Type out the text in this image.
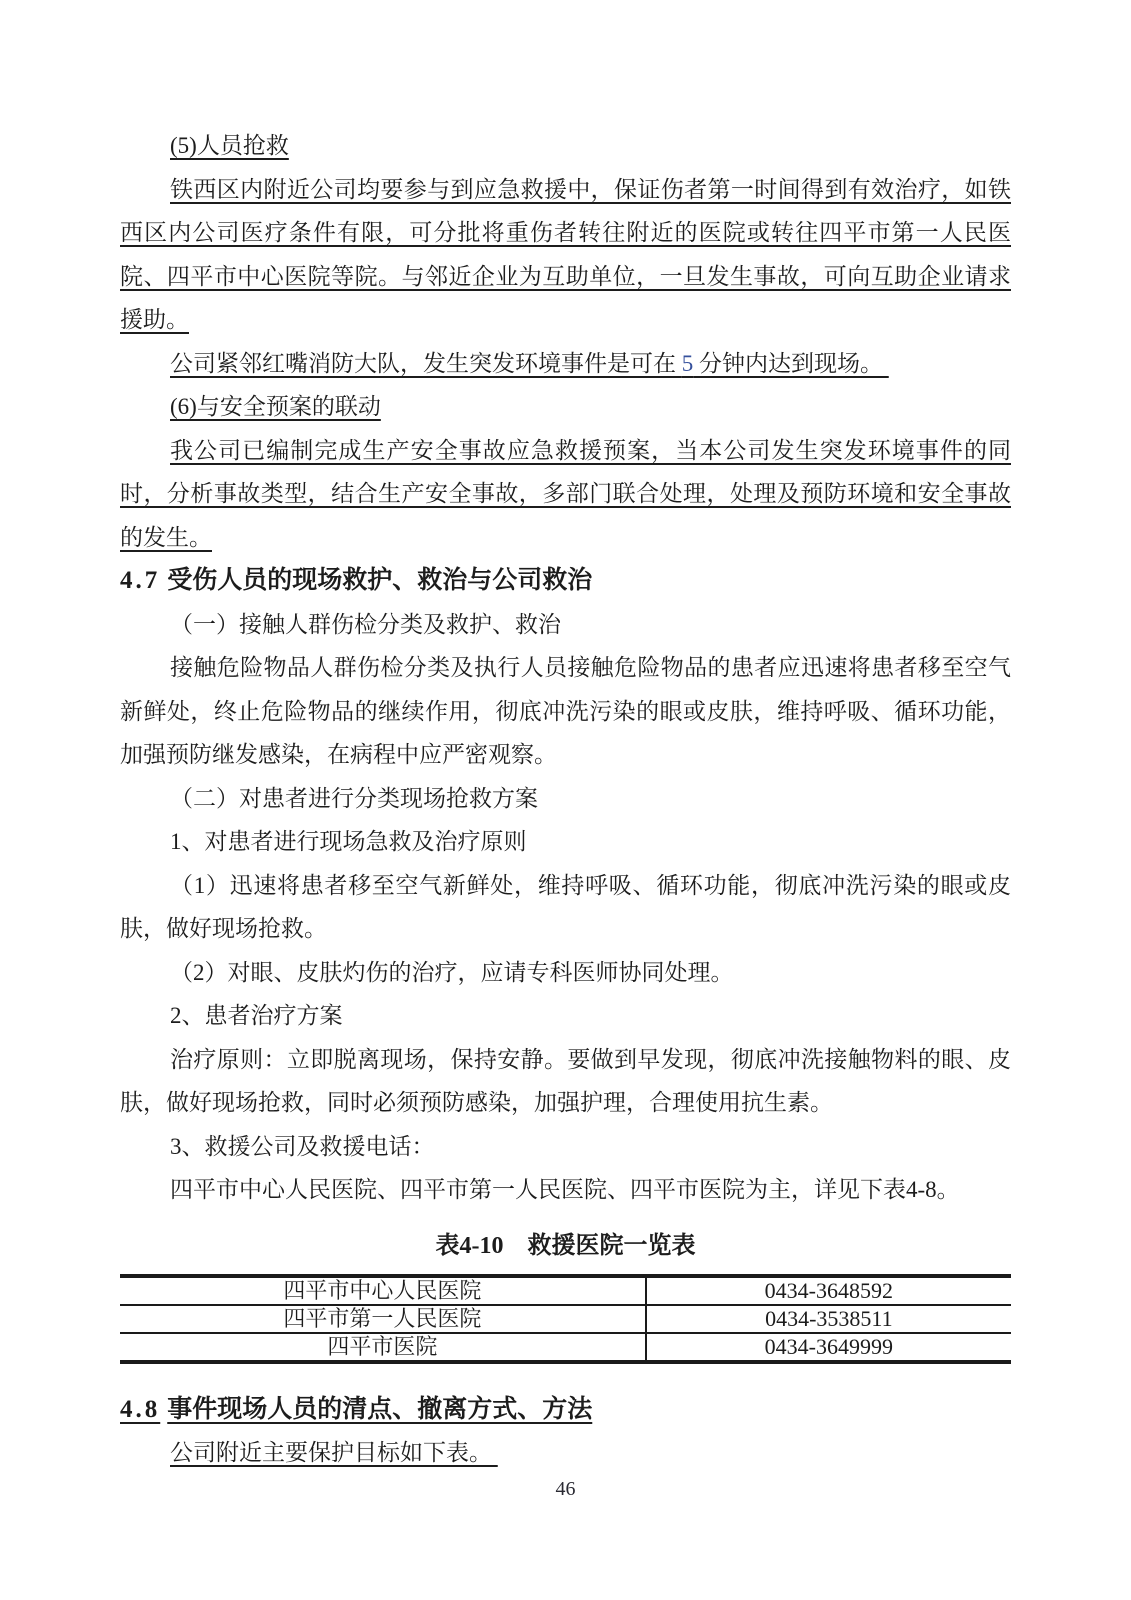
(5)人员抢救

铁西区内附近公司均要参与到应急救援中，保证伤者第一时间得到有效治疗，如铁西区内公司医疗条件有限，可分批将重伤者转往附近的医院或转往四平市第一人民医院、四平市中心医院等院。与邻近企业为互助单位，一旦发生事故，可向互助企业请求援助。

公司紧邻红嘴消防大队，发生突发环境事件是可在 5 分钟内达到现场。

(6)与安全预案的联动

我公司已编制完成生产安全事故应急救援预案，当本公司发生突发环境事件的同时，分析事故类型，结合生产安全事故，多部门联合处理，处理及预防环境和安全事故的发生。

4.7 受伤人员的现场救护、救治与公司救治

（一）接触人群伤检分类及救护、救治

接触危险物品人群伤检分类及执行人员接触危险物品的患者应迅速将患者移至空气新鲜处，终止危险物品的继续作用，彻底冲洗污染的眼或皮肤，维持呼吸、循环功能，加强预防继发感染，在病程中应严密观察。

（二）对患者进行分类现场抢救方案

1、对患者进行现场急救及治疗原则

（1）迅速将患者移至空气新鲜处，维持呼吸、循环功能，彻底冲洗污染的眼或皮肤，做好现场抢救。

（2）对眼、皮肤灼伤的治疗，应请专科医师协同处理。

2、患者治疗方案

治疗原则：立即脱离现场，保持安静。要做到早发现，彻底冲洗接触物料的眼、皮肤，做好现场抢救，同时必须预防感染，加强护理，合理使用抗生素。

3、救援公司及救援电话：

四平市中心人民医院、四平市第一人民医院、四平市医院为主，详见下表4-8。

表4-10　救援医院一览表

四平市中心人民医院	0434-3648592
四平市第一人民医院	0434-3538511
四平市医院	0434-3649999

4.8 事件现场人员的清点、撤离方式、方法

公司附近主要保护目标如下表。

46
